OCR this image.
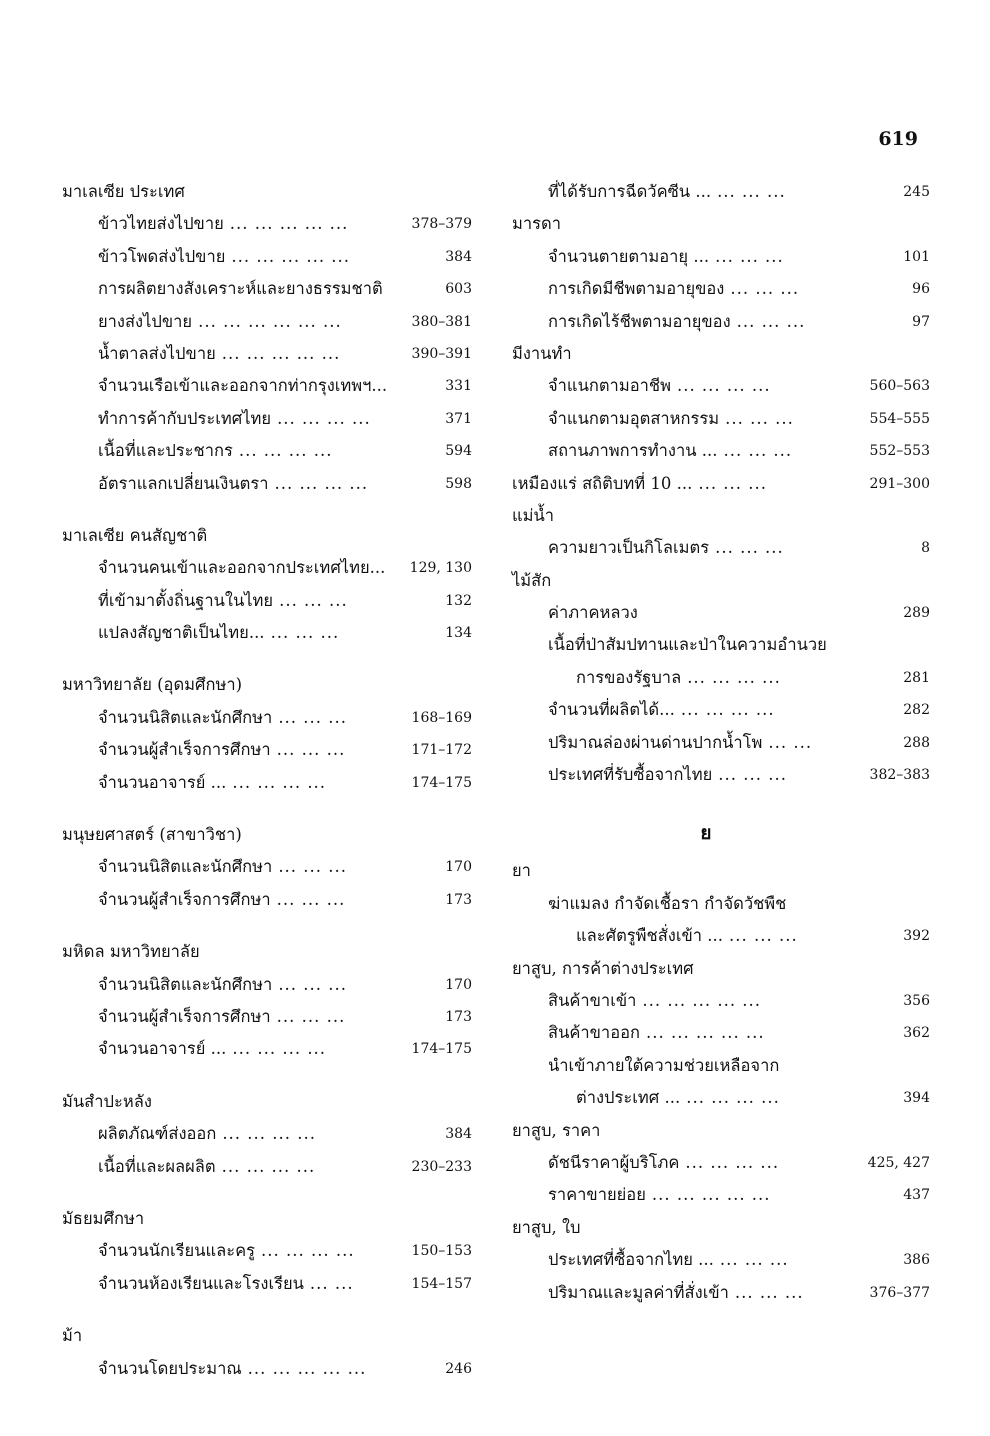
619
มาเลเซีย ประเทศ
ข้าวไทยส่งไปขาย ... ... ... ... ...	378–379
ข้าวโพดส่งไปขาย ... ... ... ... ...	384
การผลิตยางสังเคราะห์และยางธรรมชาติ	603
ยางส่งไปขาย ... ... ... ... ... ...	380–381
น้ำตาลส่งไปขาย ... ... ... ... ...	390–391
จำนวนเรือเข้าและออกจากท่ากรุงเทพฯ...	331
ทำการค้ากับประเทศไทย ... ... ... ...	371
เนื้อที่และประชากร ... ... ... ...	594
อัตราแลกเปลี่ยนเงินตรา ... ... ... ...	598
มาเลเซีย คนสัญชาติ
จำนวนคนเข้าและออกจากประเทศไทย... 129, 130
ที่เข้ามาตั้งถิ่นฐานในไทย ... ... ...	132
แปลงสัญชาติเป็นไทย... ... ... ...	134
มหาวิทยาลัย (อุดมศึกษา)
จำนวนนิสิตและนักศึกษา ... ... ...	168–169
จำนวนผู้สำเร็จการศึกษา ... ... ...	171–172
จำนวนอาจารย์ ... ... ... ... ...	174–175
มนุษยศาสตร์ (สาขาวิชา)
จำนวนนิสิตและนักศึกษา ... ... ...	170
จำนวนผู้สำเร็จการศึกษา ... ... ...	173
มหิดล มหาวิทยาลัย
จำนวนนิสิตและนักศึกษา ... ... ...	170
จำนวนผู้สำเร็จการศึกษา ... ... ...	173
จำนวนอาจารย์ ... ... ... ... ...	174–175
มันสำปะหลัง
ผลิตภัณฑ์ส่งออก ... ... ... ...	384
เนื้อที่และผลผลิต ... ... ... ...	230–233
มัธยมศึกษา
จำนวนนักเรียนและครู ... ... ... ...	150–153
จำนวนห้องเรียนและโรงเรียน ... ...	154–157
ม้า
จำนวนโดยประมาณ ... ... ... ... ...	246
ที่ได้รับการฉีดวัคซีน ... ... ... ...	245
มารดา
จำนวนตายตามอายุ ... ... ... ...	101
การเกิดมีชีพตามอายุของ ... ... ...	96
การเกิดไร้ชีพตามอายุของ ... ... ...	97
มีงานทำ
จำแนกตามอาชีพ ... ... ... ...	560–563
จำแนกตามอุตสาหกรรม ... ... ...	554–555
สถานภาพการทำงาน ... ... ... ...	552–553
เหมืองแร่ สถิติบทที่ 10 ... ... ... ...	291–300
แม่น้ำ
ความยาวเป็นกิโลเมตร ... ... ...	8
ไม้สัก
ค่าภาคหลวง	289
เนื้อที่ป่าสัมปทานและป่าในความอำนวย
การของรัฐบาล ... ... ... ...	281
จำนวนที่ผลิตได้... ... ... ... ...	282
ปริมาณล่องผ่านด่านปากน้ำโพ ... ...	288
ประเทศที่รับซื้อจากไทย ... ... ...	382–383
ย
ยา
ฆ่าแมลง กำจัดเชื้อรา กำจัดวัชพืช
และศัตรูพืชสั่งเข้า ... ... ... ...	392
ยาสูบ, การค้าต่างประเทศ
สินค้าขาเข้า ... ... ... ... ...	356
สินค้าขาออก ... ... ... ... ...	362
นำเข้าภายใต้ความช่วยเหลือจาก
ต่างประเทศ ... ... ... ... ...	394
ยาสูบ, ราคา
ดัชนีราคาผู้บริโภค ... ... ... ...	425, 427
ราคาขายย่อย ... ... ... ... ...	437
ยาสูบ, ใบ
ประเทศที่ซื้อจากไทย ... ... ... ...	386
ปริมาณและมูลค่าที่สั่งเข้า ... ... ...	376–377
